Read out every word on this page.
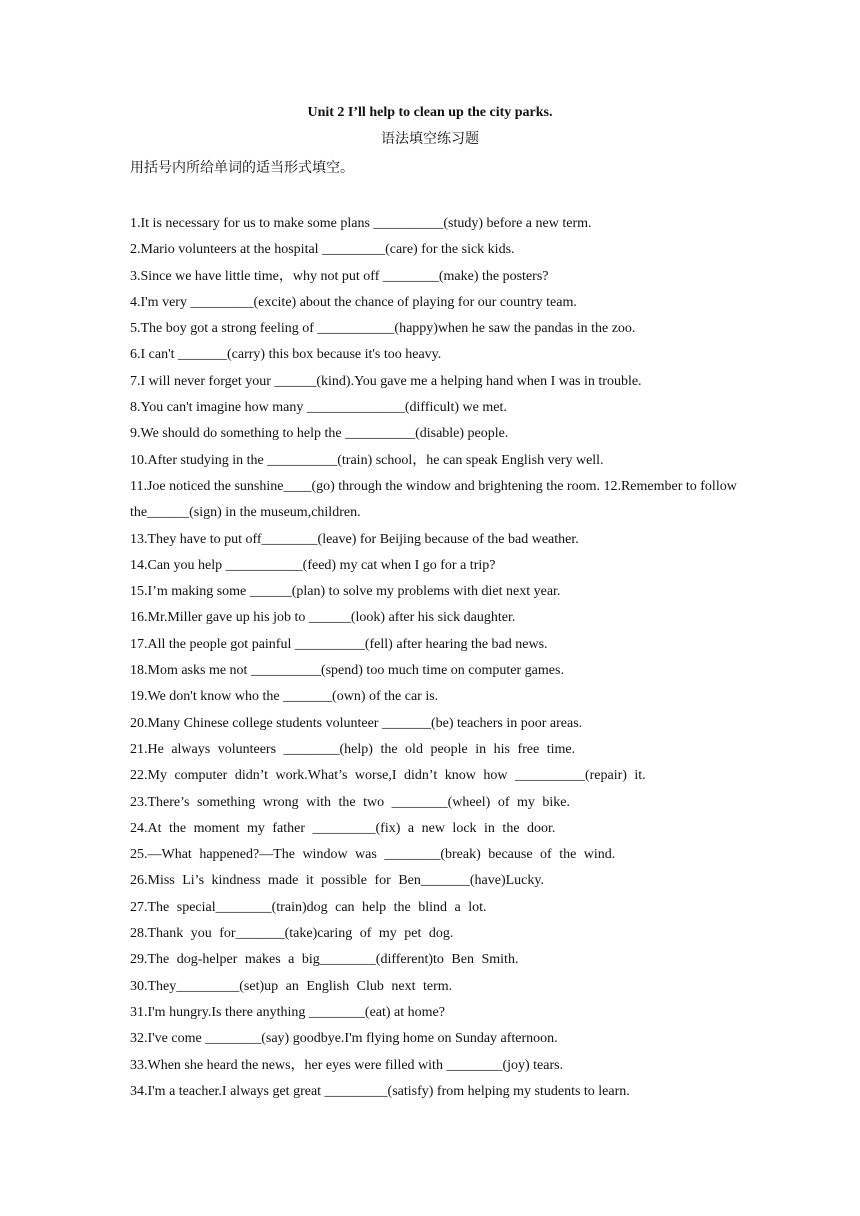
Unit 2 I’ll help to clean up the city parks.
语法填空练习题
用括号内所给单词的适当形式填空。
1.It is necessary for us to make some plans __________(study) before a new term.
2.Mario volunteers at the hospital _________(care) for the sick kids.
3.Since we have little time，why not put off ________(make) the posters?
4.I'm very _________(excite) about the chance of playing for our country team.
5.The boy got a strong feeling of ___________(happy)when he saw the pandas in the zoo.
6.I can't _______(carry) this box because it's too heavy.
7.I will never forget your ______(kind).You gave me a helping hand when I was in trouble.
8.You can't imagine how many ______________(difficult) we met.
9.We should do something to help the __________(disable) people.
10.After studying in the __________(train) school，he can speak English very well.
11.Joe noticed the sunshine____(go) through the window and brightening the room. 12.Remember to follow the______(sign) in the museum,children.
13.They have to put off________(leave) for Beijing because of the bad weather.
14.Can you help ___________(feed) my cat when I go for a trip?
15.I’m making some ______(plan) to solve my problems with diet next year.
16.Mr.Miller gave up his job to ______(look) after his sick daughter.
17.All the people got painful __________(fell) after hearing the bad news.
18.Mom asks me not __________(spend) too much time on computer games.
19.We don't know who the _______(own) of the car is.
20.Many Chinese college students volunteer _______(be) teachers in poor areas.
21.He always volunteers ________(help) the old people in his free time.
22.My computer didn’t work.What’s worse,I didn’t know how __________(repair) it.
23.There’s something wrong with the two ________(wheel) of my bike.
24.At the moment my father _________(fix) a new lock in the door.
25.—What happened?—The window was ________(break) because of the wind.
26.Miss Li’s kindness made it possible for Ben_______(have)Lucky.
27.The special________(train)dog can help the blind a lot.
28.Thank you for_______(take)caring of my pet dog.
29.The dog-helper makes a big________(different)to Ben Smith.
30.They_________(set)up an English Club next term.
31.I'm hungry.Is there anything ________(eat) at home?
32.I've come ________(say) goodbye.I'm flying home on Sunday afternoon.
33.When she heard the news，her eyes were filled with ________(joy) tears.
34.I'm a teacher.I always get great _________(satisfy) from helping my students to learn.
